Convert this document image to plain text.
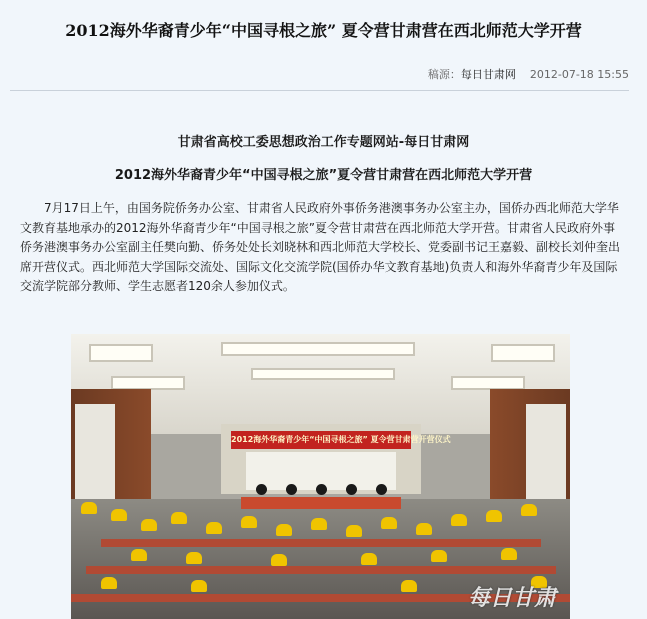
2012海外华裔青少年“中国寻根之旅” 夏令营甘肃营在西北师范大学开营
稿源：每日甘肃网 2012-07-18 15:55
甘肃省高校工委思想政治工作专题网站-每日甘肃网
2012海外华裔青少年“中国寻根之旅”夏令营甘肃营在西北师范大学开营
7月17日上午，由国务院侨务办公室、甘肃省人民政府外事侨务港澳事务办公室主办，国侨办西北师范大学华文教育基地承办的2012海外华裔青少年“中国寻根之旅”夏令营甘肃营在西北师范大学开营。甘肃省人民政府外事侨务港澳事务办公室副主任樊向勤、侨务处处长刘晓林和西北师范大学校长、党委副书记王嘉毅、副校长刘仲奎出席开营仪式。西北师范大学国际交流处、国际文化交流学院(国侨办华文教育基地)负责人和海外华裔青少年及国际交流学院部分教师、学生志愿者120余人参加仪式。
2012海外华裔青少年“中国寻根之旅” 夏令营甘肃营开营仪式
每日甘肃
